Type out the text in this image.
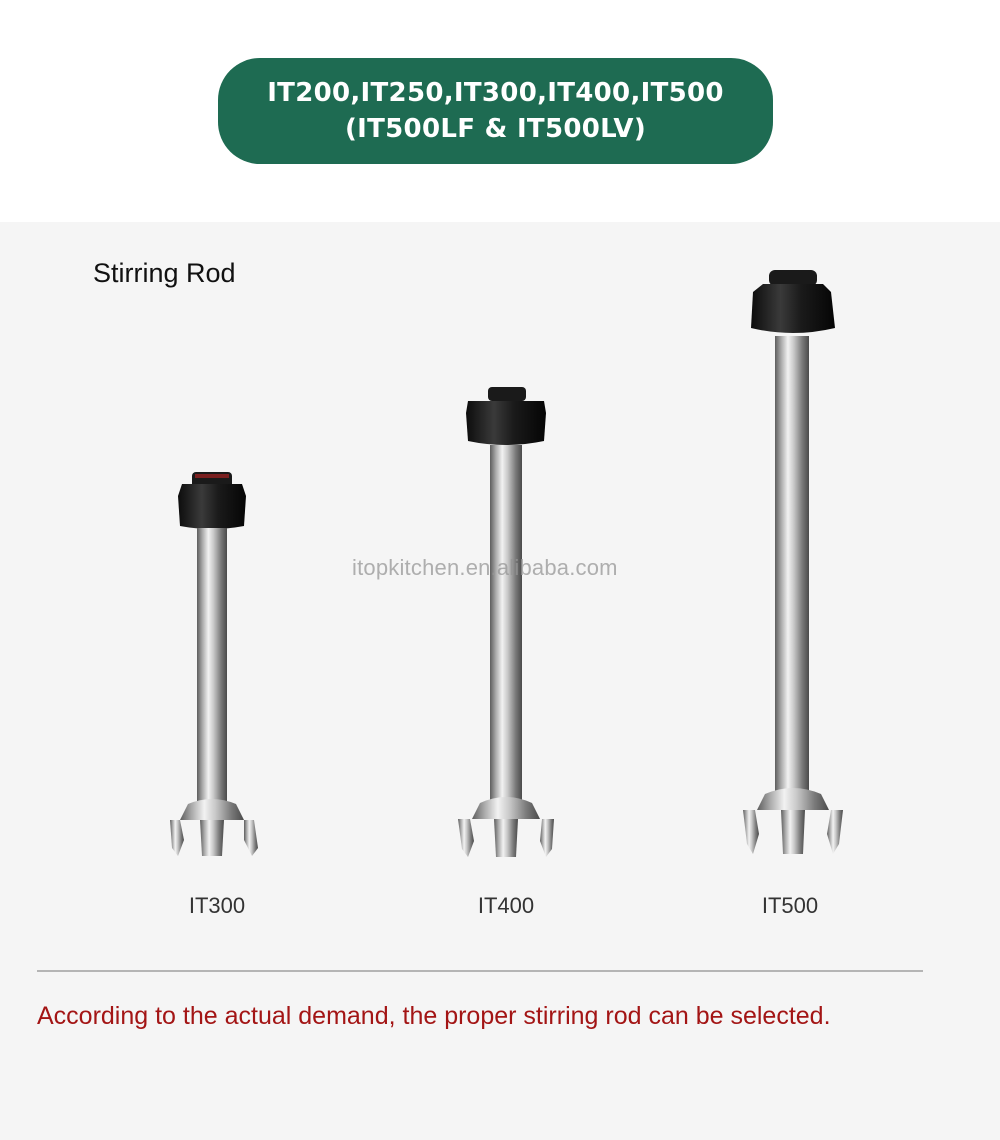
IT200,IT250,IT300,IT400,IT500
(IT500LF & IT500LV)
Stirring Rod
IT300	IT400	IT500
itopkitchen.en.alibaba.com
According to the actual demand, the proper stirring rod can be selected.
